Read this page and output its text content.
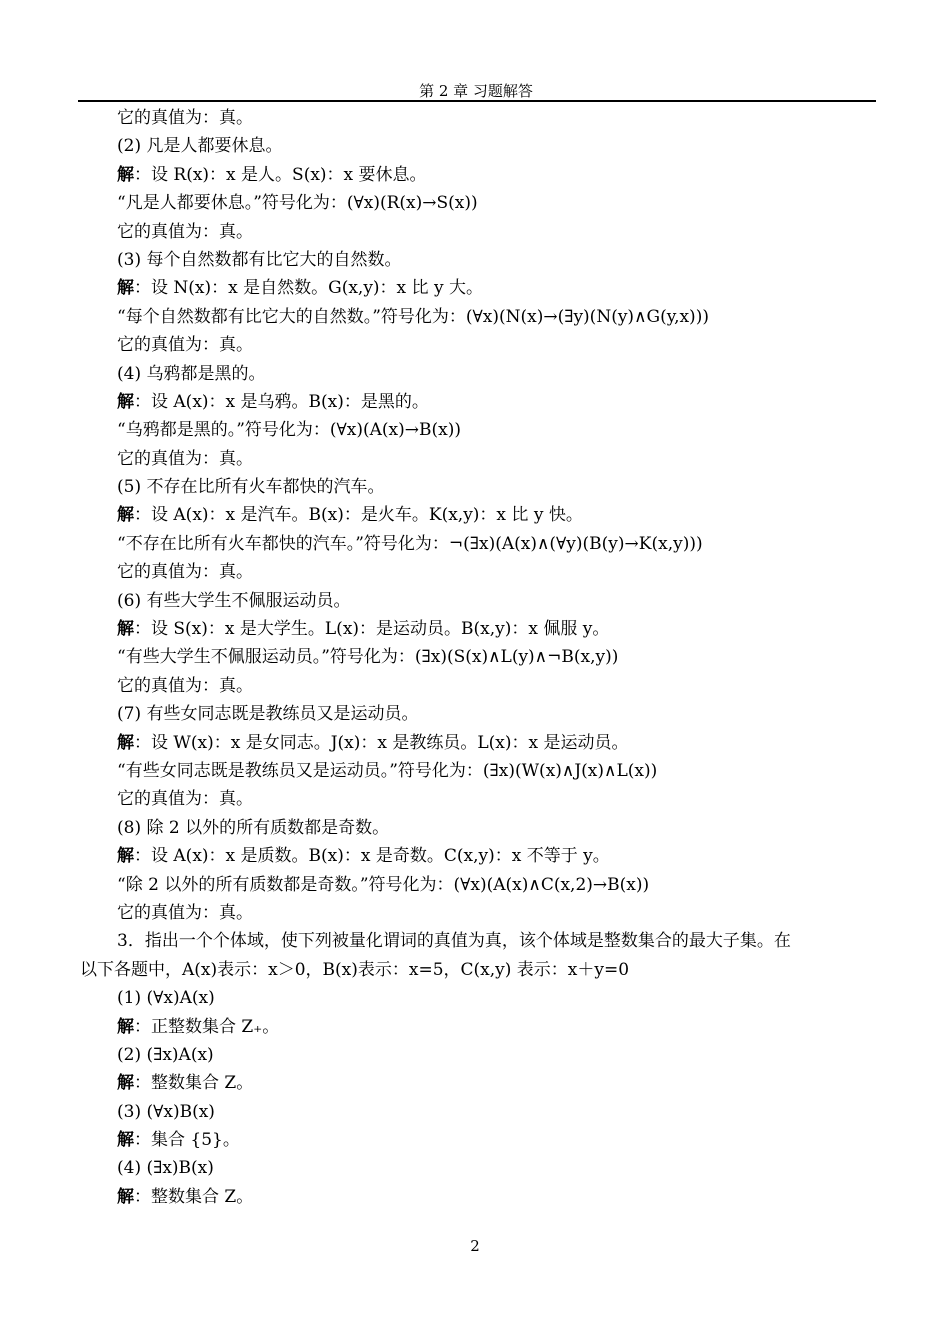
第 2 章 习题解答
它的真值为：真。
(2) 凡是人都要休息。
解：设 R(x)：x 是人。S(x)：x 要休息。
“凡是人都要休息。”符号化为：(∀x)(R(x)→S(x))
它的真值为：真。
(3) 每个自然数都有比它大的自然数。
解：设 N(x)：x 是自然数。G(x,y)：x 比 y 大。
“每个自然数都有比它大的自然数。”符号化为：(∀x)(N(x)→(∃y)(N(y)∧G(y,x)))
它的真值为：真。
(4) 乌鸦都是黑的。
解：设 A(x)：x 是乌鸦。B(x)：是黑的。
“乌鸦都是黑的。”符号化为：(∀x)(A(x)→B(x))
它的真值为：真。
(5) 不存在比所有火车都快的汽车。
解：设 A(x)：x 是汽车。B(x)：是火车。K(x,y)：x 比 y 快。
“不存在比所有火车都快的汽车。”符号化为：¬(∃x)(A(x)∧(∀y)(B(y)→K(x,y)))
它的真值为：真。
(6) 有些大学生不佩服运动员。
解：设 S(x)：x 是大学生。L(x)：是运动员。B(x,y)：x 佩服 y。
“有些大学生不佩服运动员。”符号化为：(∃x)(S(x)∧L(y)∧¬B(x,y))
它的真值为：真。
(7) 有些女同志既是教练员又是运动员。
解：设 W(x)：x 是女同志。J(x)：x 是教练员。L(x)：x 是运动员。
“有些女同志既是教练员又是运动员。”符号化为：(∃x)(W(x)∧J(x)∧L(x))
它的真值为：真。
(8) 除 2 以外的所有质数都是奇数。
解：设 A(x)：x 是质数。B(x)：x 是奇数。C(x,y)：x 不等于 y。
“除 2 以外的所有质数都是奇数。”符号化为：(∀x)(A(x)∧C(x,2)→B(x))
它的真值为：真。
3．指出一个个体域，使下列被量化谓词的真值为真，该个体域是整数集合的最大子集。在
以下各题中，A(x)表示：x＞0，B(x)表示：x=5，C(x,y) 表示：x＋y=0
(1) (∀x)A(x)
解：正整数集合 Z₊。
(2) (∃x)A(x)
解：整数集合 Z。
(3) (∀x)B(x)
解：集合 {5}。
(4) (∃x)B(x)
解：整数集合 Z。
2
